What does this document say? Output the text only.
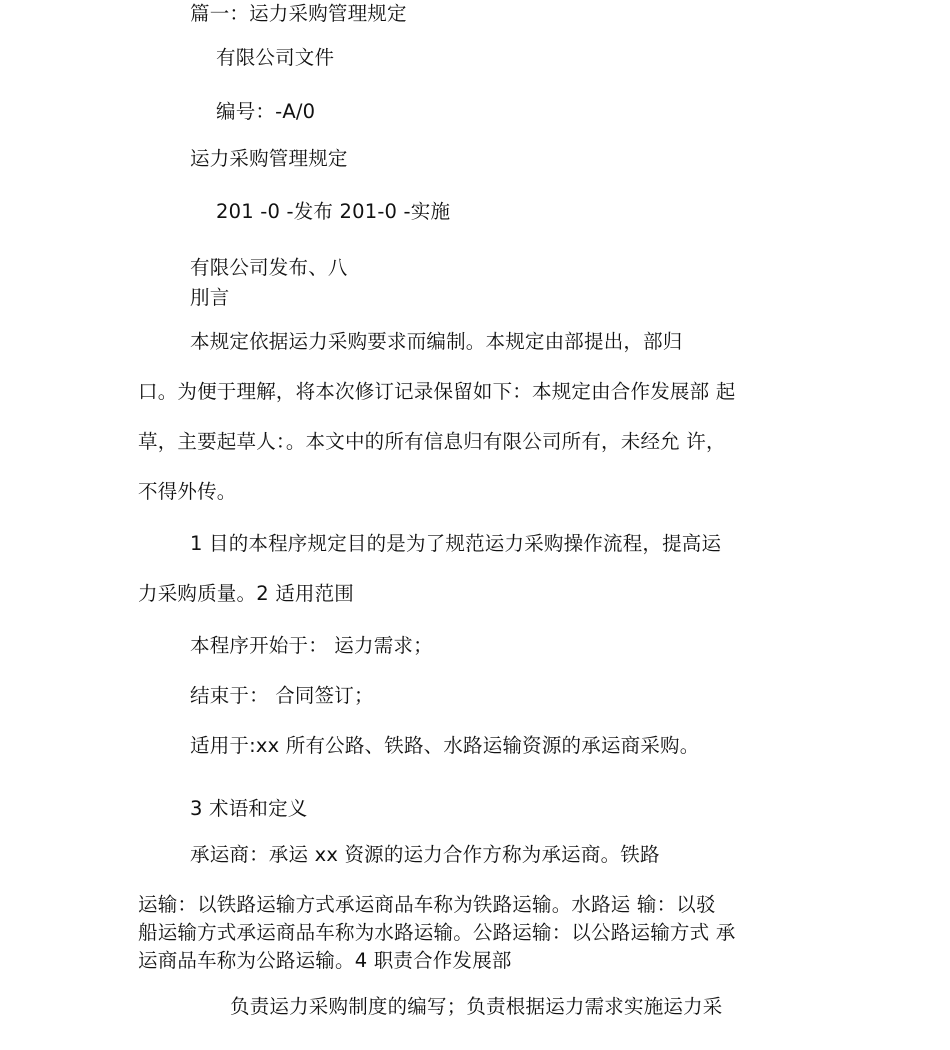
篇一：运力采购管理规定
有限公司文件
编号：-A/0
运力采购管理规定
201 -0 -发布 201-0 -实施
有限公司发布、八
刖言
本规定依据运力采购要求而编制。本规定由部提出，部归
口。为便于理解，将本次修订记录保留如下：本规定由合作发展部 起
草，主要起草人：。本文中的所有信息归有限公司所有，未经允 许，
不得外传。
1 目的本程序规定目的是为了规范运力采购操作流程，提高运
力采购质量。2 适用范围
本程序开始于： 运力需求；
结束于： 合同签订；
适用于:xx 所有公路、铁路、水路运输资源的承运商采购。
3 术语和定义
承运商：承运 xx 资源的运力合作方称为承运商。铁路
运输：以铁路运输方式承运商品车称为铁路运输。水路运 输：以驳
船运输方式承运商品车称为水路运输。公路运输：以公路运输方式 承
运商品车称为公路运输。4 职责合作发展部
负责运力采购制度的编写；负责根据运力需求实施运力采
